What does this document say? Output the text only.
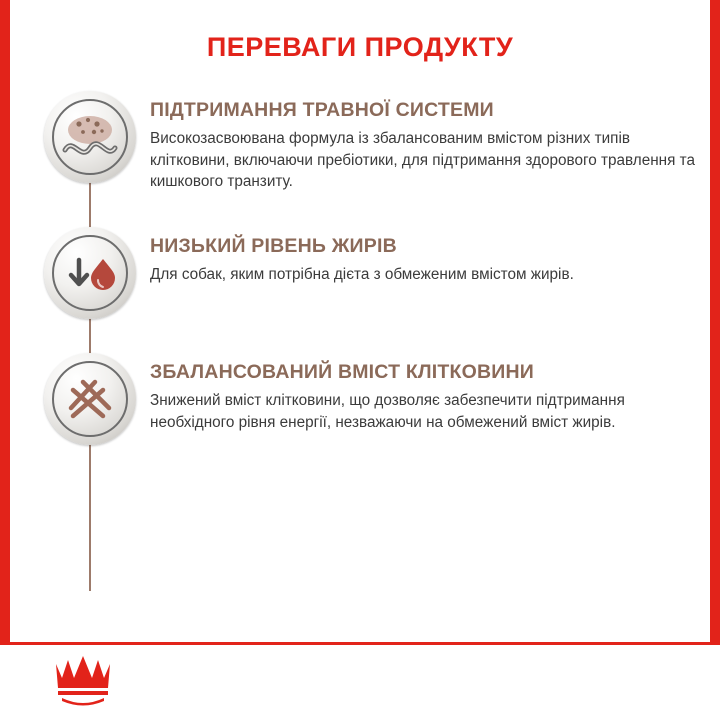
ПЕРЕВАГИ ПРОДУКТУ

ПІДТРИМАННЯ ТРАВНОЇ СИСТЕМИ

Високозасвоювана формула із збалансованим вмістом різних типів клітковини, включаючи пребіотики, для підтримання здорового травлення та кишкового транзиту.

НИЗЬКИЙ РІВЕНЬ ЖИРІВ

Для собак, яким потрібна дієта з обмеженим вмістом жирів.

ЗБАЛАНСОВАНИЙ ВМІСТ КЛІТКОВИНИ

Знижений вміст клітковини, що дозволяє забезпечити підтримання необхідного рівня енергії, незважаючи на обмежений вміст жирів.
